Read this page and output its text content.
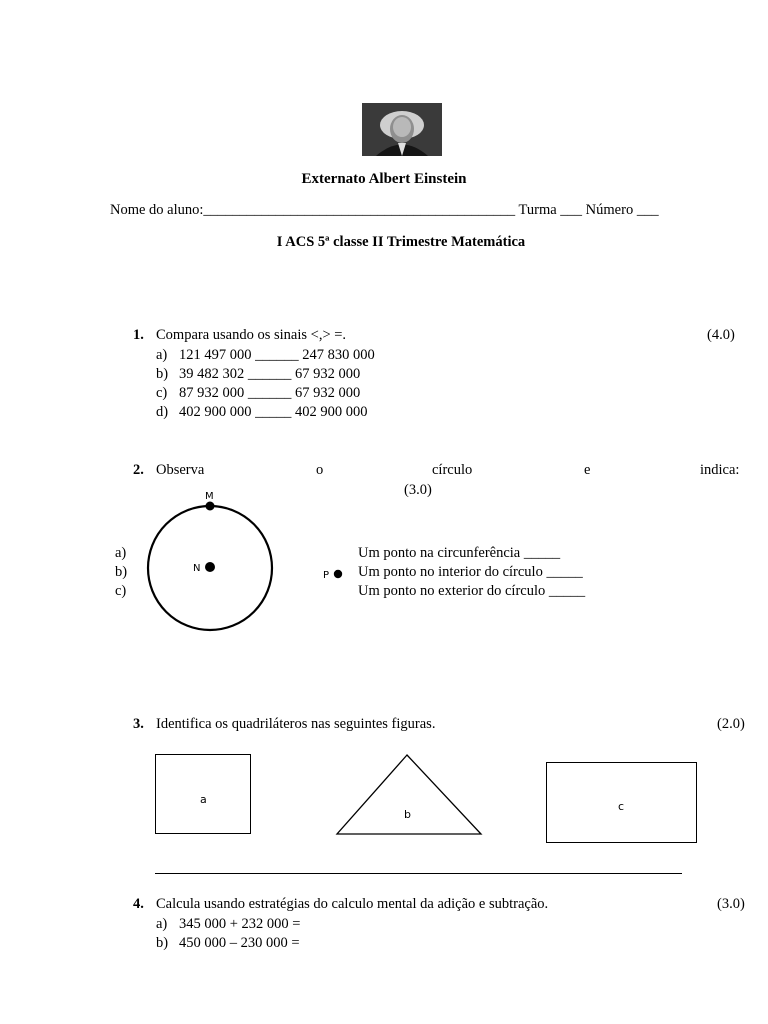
Externato Albert Einstein
Nome do aluno:___________________________________________ Turma ___ Número ___
I ACS 5ª classe II Trimestre Matemática
1. Compara usando os sinais <,> =.	(4.0)
a) 121 497 000 ______ 247 830 000
b) 39 482 302 ______ 67 932 000
c) 87 932 000 ______ 67 932 000
d) 402 900 000 _____ 402 900 000
2. Observa	o	círculo	e	indica:
(3.0)
M
N
P
a)	Um ponto na circunferência _____
b)	Um ponto no interior do círculo _____
c)	Um ponto no exterior do círculo _____
3. Identifica os quadriláteros nas seguintes figuras.	(2.0)
a
b
c
4. Calcula usando estratégias do calculo mental da adição e subtração.	(3.0)
a) 345 000 + 232 000 =
b) 450 000 – 230 000 =
